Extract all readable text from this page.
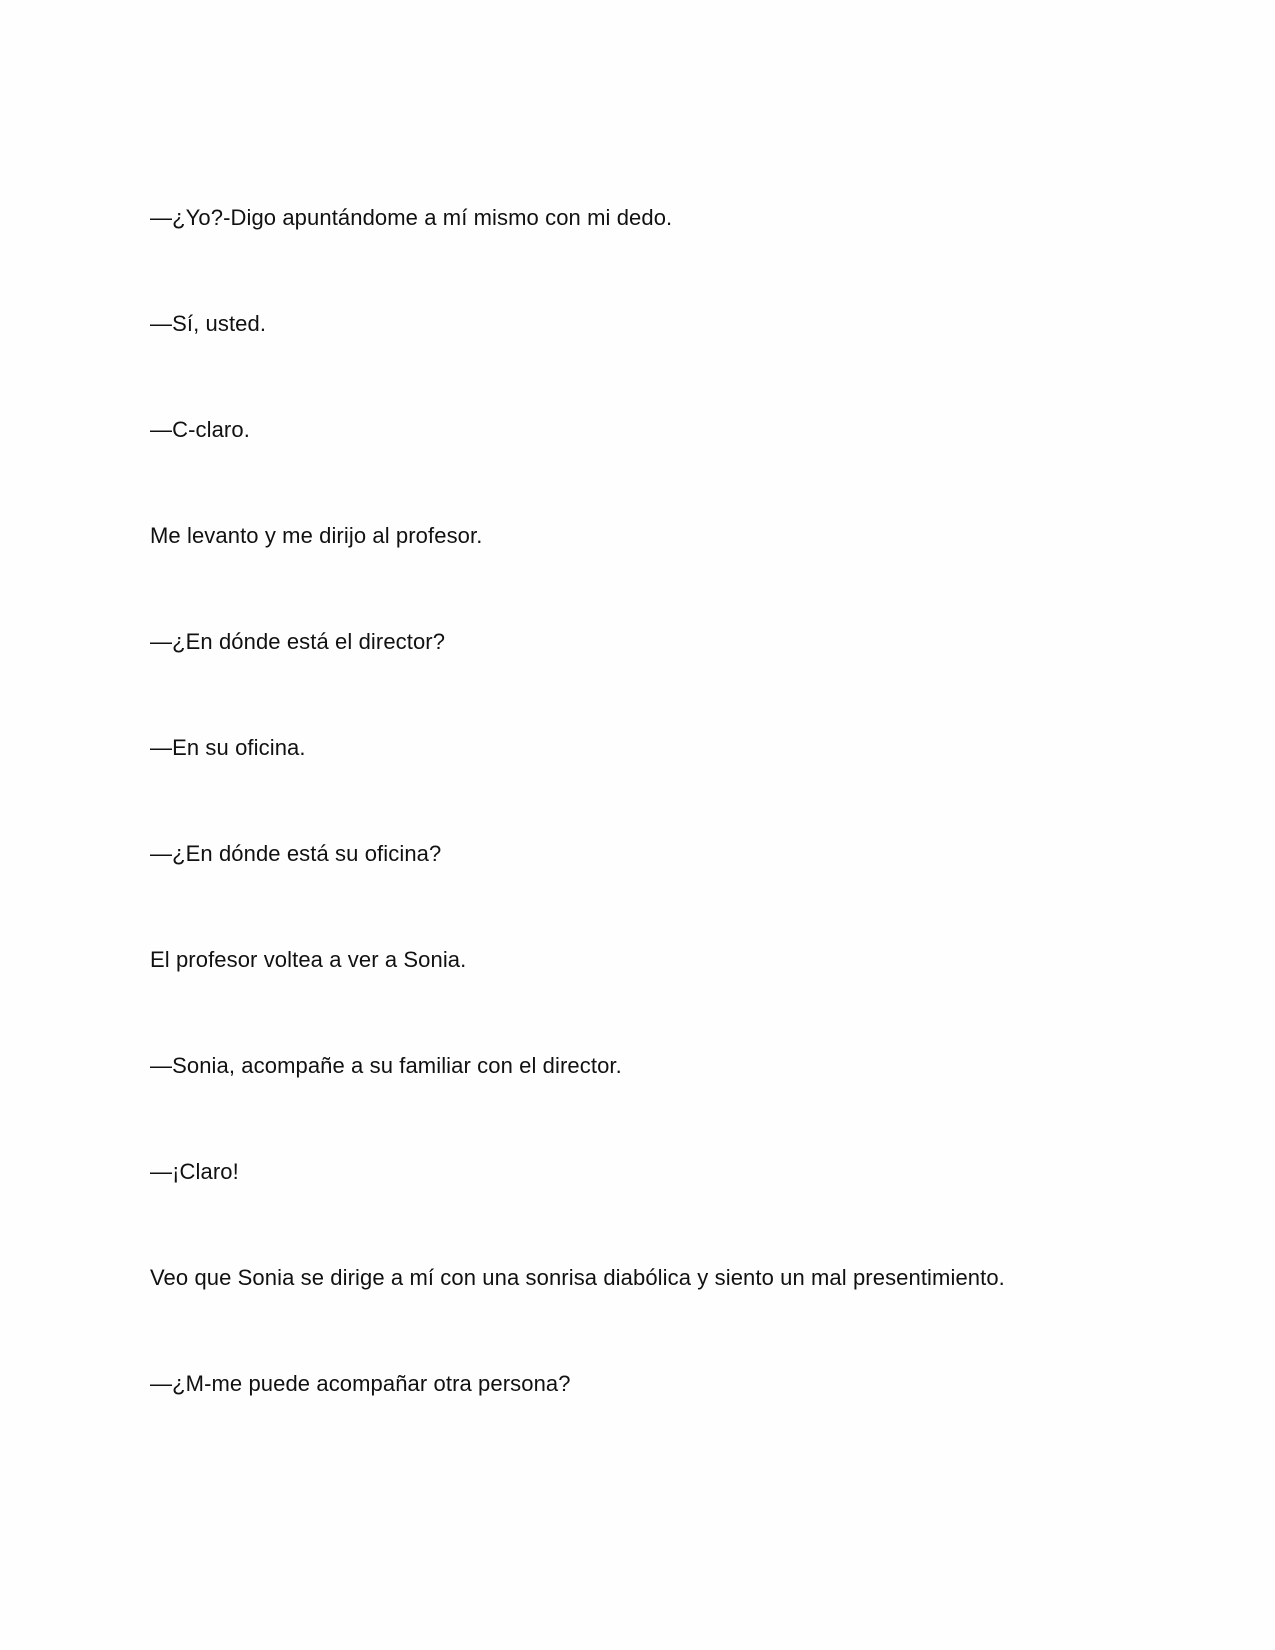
—¿Yo?-Digo apuntándome a mí mismo con mi dedo.

—Sí, usted.

—C-claro.

Me levanto y me dirijo al profesor.

—¿En dónde está el director?

—En su oficina.

—¿En dónde está su oficina?

El profesor voltea a ver a Sonia.

—Sonia, acompañe a su familiar con el director.

—¡Claro!

Veo que Sonia se dirige a mí con una sonrisa diabólica y siento un mal presentimiento.

—¿M-me puede acompañar otra persona?
